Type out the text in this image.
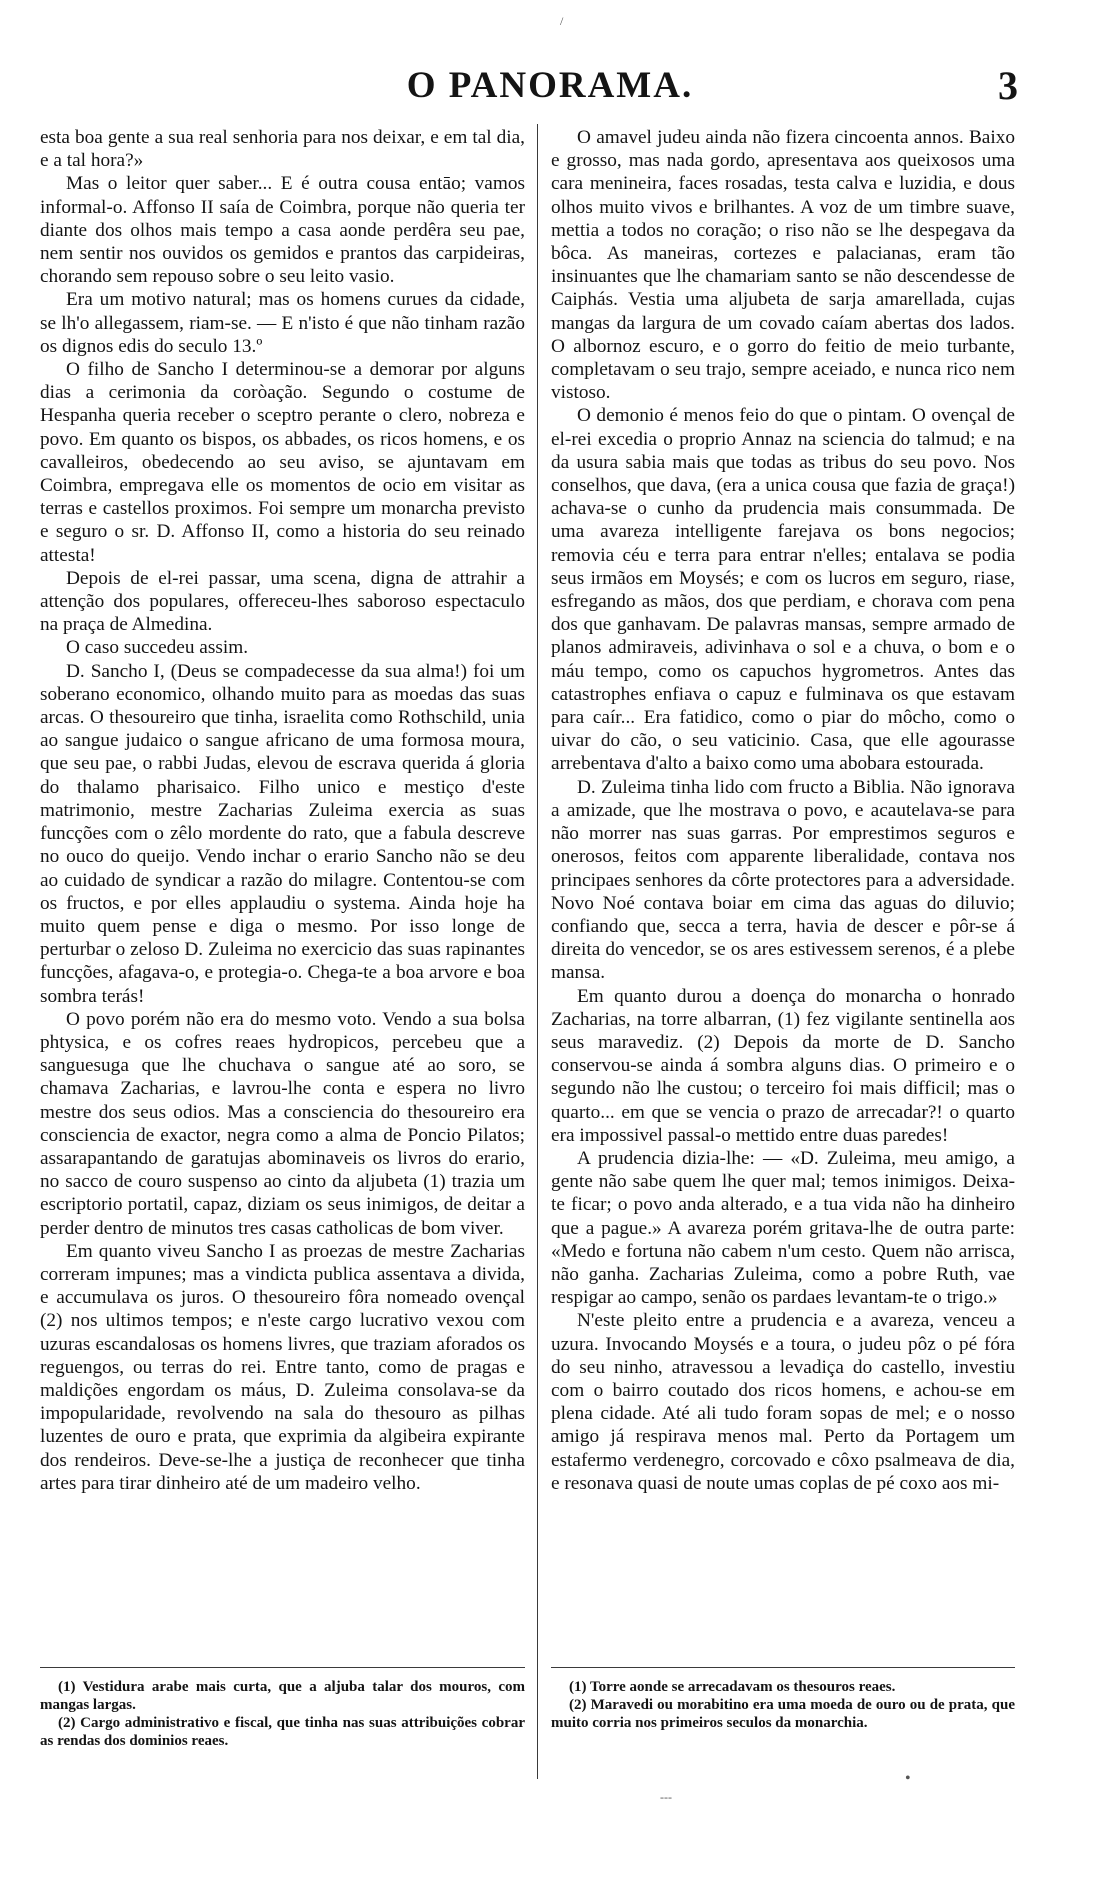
O PANORAMA.	3
/

esta boa gente a sua real senhoria para nos deixar, e em tal dia, e a tal hora?»

Mas o leitor quer saber... E é outra cousa entāo; vamos informal-o. Affonso II saía de Coimbra, porque não queria ter diante dos olhos mais tempo a casa aonde perdêra seu pae, nem sentir nos ouvidos os gemidos e prantos das carpideiras, chorando sem repouso sobre o seu leito vasio.

Era um motivo natural; mas os homens curues da cidade, se lh'o allegassem, riam-se. — E n'isto é que não tinham razão os dignos edis do seculo 13.º

O filho de Sancho I determinou-se a demorar por alguns dias a cerimonia da coròação. Segundo o costume de Hespanha queria receber o sceptro perante o clero, nobreza e povo. Em quanto os bispos, os abbades, os ricos homens, e os cavalleiros, obedecendo ao seu aviso, se ajuntavam em Coimbra, empregava elle os momentos de ocio em visitar as terras e castellos proximos. Foi sempre um monarcha previsto e seguro o sr. D. Affonso II, como a historia do seu reinado attesta!

Depois de el-rei passar, uma scena, digna de attrahir a attenção dos populares, offereceu-lhes saboroso espectaculo na praça de Almedina.

O caso succedeu assim.

D. Sancho I, (Deus se compadecesse da sua alma!) foi um soberano economico, olhando muito para as moedas das suas arcas. O thesoureiro que tinha, israelita como Rothschild, unia ao sangue judaico o sangue africano de uma formosa moura, que seu pae, o rabbi Judas, elevou de escrava querida á gloria do thalamo pharisaico. Filho unico e mestiço d'este matrimonio, mestre Zacharias Zuleima exercia as suas funcções com o zêlo mordente do rato, que a fabula descreve no ouco do queijo. Vendo inchar o erario Sancho não se deu ao cuidado de syndicar a razão do milagre. Contentou-se com os fructos, e por elles applaudiu o systema. Ainda hoje ha muito quem pense e diga o mesmo. Por isso longe de perturbar o zeloso D. Zuleima no exercicio das suas rapinantes funcções, afagava-o, e protegia-o. Chega-te a boa arvore e boa sombra terás!

O povo porém não era do mesmo voto. Vendo a sua bolsa phtysica, e os cofres reaes hydropicos, percebeu que a sanguesuga que lhe chuchava o sangue até ao soro, se chamava Zacharias, e lavrou-lhe conta e espera no livro mestre dos seus odios. Mas a consciencia do thesoureiro era consciencia de exactor, negra como a alma de Poncio Pilatos; assarapantando de garatujas abominaveis os livros do erario, no sacco de couro suspenso ao cinto da aljubeta (1) trazia um escriptorio portatil, capaz, diziam os seus inimigos, de deitar a perder dentro de minutos tres casas catholicas de bom viver.

Em quanto viveu Sancho I as proezas de mestre Zacharias correram impunes; mas a vindicta publica assentava a divida, e accumulava os juros. O thesoureiro fôra nomeado ovençal (2) nos ultimos tempos; e n'este cargo lucrativo vexou com uzuras escandalosas os homens livres, que traziam aforados os reguengos, ou terras do rei. Entre tanto, como de pragas e maldições engordam os máus, D. Zuleima consolava-se da impopularidade, revolvendo na sala do thesouro as pilhas luzentes de ouro e prata, que exprimia da algibeira expirante dos rendeiros. Deve-se-lhe a justiça de reconhecer que tinha artes para tirar dinheiro até de um madeiro velho.

O amavel judeu ainda não fizera cincoenta annos. Baixo e grosso, mas nada gordo, apresentava aos queixosos uma cara menineira, faces rosadas, testa calva e luzidia, e dous olhos muito vivos e brilhantes. A voz de um timbre suave, mettia a todos no coração; o riso não se lhe despegava da bôca. As maneiras, cortezes e palacianas, eram tão insinuantes que lhe chamariam santo se não descendesse de Caiphás. Vestia uma aljubeta de sarja amarellada, cujas mangas da largura de um covado caíam abertas dos lados. O albornoz escuro, e o gorro do feitio de meio turbante, completavam o seu trajo, sempre aceiado, e nunca rico nem vistoso.

O demonio é menos feio do que o pintam. O ovençal de el-rei excedia o proprio Annaz na sciencia do talmud; e na da usura sabia mais que todas as tribus do seu povo. Nos conselhos, que dava, (era a unica cousa que fazia de graça!) achava-se o cunho da prudencia mais consummada. De uma avareza intelligente farejava os bons negocios; removia céu e terra para entrar n'elles; entalava se podia seus irmãos em Moysés; e com os lucros em seguro, riase, esfregando as mãos, dos que perdiam, e chorava com pena dos que ganhavam. De palavras mansas, sempre armado de planos admiraveis, adivinhava o sol e a chuva, o bom e o máu tempo, como os capuchos hygrometros. Antes das catastrophes enfiava o capuz e fulminava os que estavam para caír... Era fatidico, como o piar do môcho, como o uivar do cão, o seu vaticinio. Casa, que elle agourasse arrebentava d'alto a baixo como uma abobara estourada.

D. Zuleima tinha lido com fructo a Biblia. Não ignorava a amizade, que lhe mostrava o povo, e acautelava-se para não morrer nas suas garras. Por emprestimos seguros e onerosos, feitos com apparente liberalidade, contava nos principaes senhores da côrte protectores para a adversidade. Novo Noé contava boiar em cima das aguas do diluvio; confiando que, secca a terra, havia de descer e pôr-se á direita do vencedor, se os ares estivessem serenos, é a plebe mansa.

Em quanto durou a doença do monarcha o honrado Zacharias, na torre albarran, (1) fez vigilante sentinella aos seus maravediz. (2) Depois da morte de D. Sancho conservou-se ainda á sombra alguns dias. O primeiro e o segundo não lhe custou; o terceiro foi mais difficil; mas o quarto... em que se vencia o prazo de arrecadar?! o quarto era impossivel passal-o mettido entre duas paredes!

A prudencia dizia-lhe: — «D. Zuleima, meu amigo, a gente não sabe quem lhe quer mal; temos inimigos. Deixa-te ficar; o povo anda alterado, e a tua vida não ha dinheiro que a pague.» A avareza porém gritava-lhe de outra parte: «Medo e fortuna não cabem n'um cesto. Quem não arrisca, não ganha. Zacharias Zuleima, como a pobre Ruth, vae respigar ao campo, senão os pardaes levantam-te o trigo.»

N'este pleito entre a prudencia e a avareza, venceu a uzura. Invocando Moysés e a toura, o judeu pôz o pé fóra do seu ninho, atravessou a levadiça do castello, investiu com o bairro coutado dos ricos homens, e achou-se em plena cidade. Até ali tudo foram sopas de mel; e o nosso amigo já respirava menos mal. Perto da Portagem um estafermo verdenegro, corcovado e côxo psalmeava de dia, e resonava quasi de noute umas coplas de pé coxo aos mi-

(1) Vestidura arabe mais curta, que a aljuba talar dos mouros, com mangas largas.

(2) Cargo administrativo e fiscal, que tinha nas suas attribuições cobrar as rendas dos dominios reaes.

(1) Torre aonde se arrecadavam os thesouros reaes.

(2) Maravedi ou morabitino era uma moeda de ouro ou de prata, que muito corria nos primeiros seculos da monarchia.

---
•
